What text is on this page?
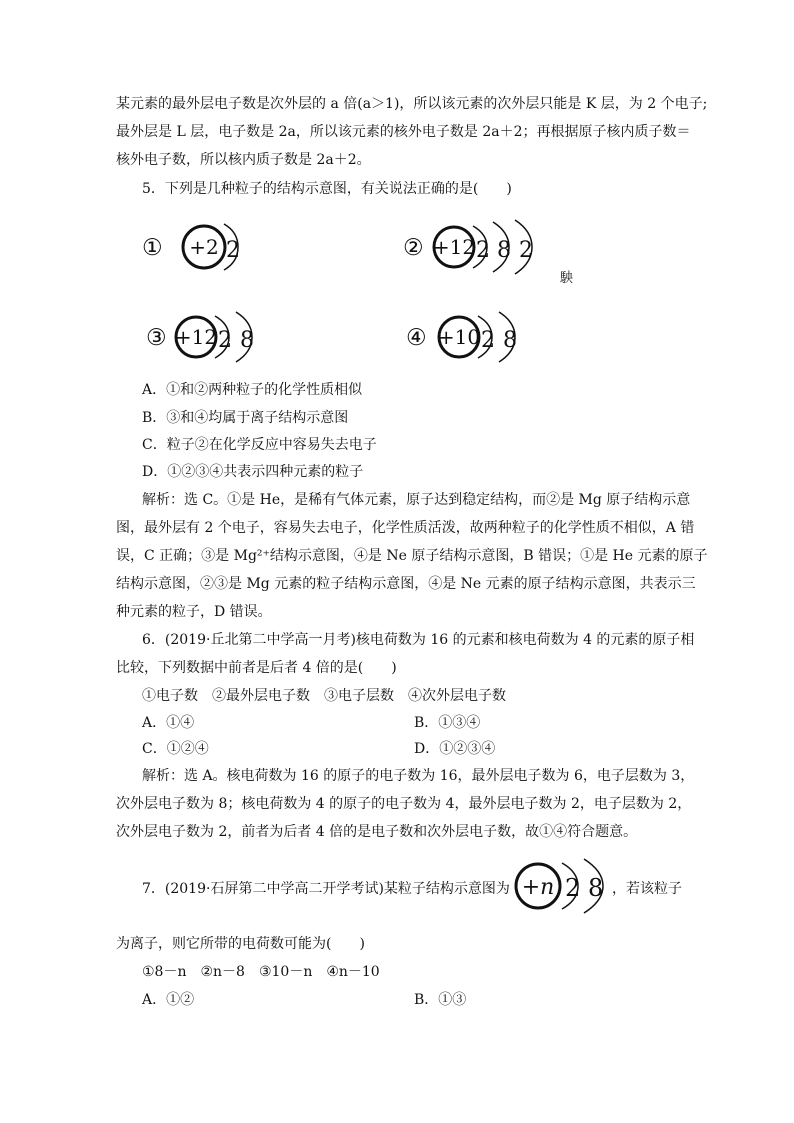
某元素的最外层电子数是次外层的 a 倍(a＞1)，所以该元素的次外层只能是 K 层，为 2 个电子;
最外层是 L 层，电子数是 2a，所以该元素的核外电子数是 2a＋2；再根据原子核内质子数＝
核外电子数，所以核内质子数是 2a＋2。
5．下列是几种粒子的结构示意图，有关说法正确的是(　　)
① +2 2	② +12 2 8 2
駚
③ +12 2 8	④ +10 2 8
A．①和②两种粒子的化学性质相似
B．③和④均属于离子结构示意图
C．粒子②在化学反应中容易失去电子
D．①②③④共表示四种元素的粒子
解析：选 C。①是 He，是稀有气体元素，原子达到稳定结构，而②是 Mg 原子结构示意
图，最外层有 2 个电子，容易失去电子，化学性质活泼，故两种粒子的化学性质不相似，A 错
误，C 正确；③是 Mg²⁺结构示意图，④是 Ne 原子结构示意图，B 错误；①是 He 元素的原子
结构示意图，②③是 Mg 元素的粒子结构示意图，④是 Ne 元素的原子结构示意图，共表示三
种元素的粒子，D 错误。
6．(2019·丘北第二中学高一月考)核电荷数为 16 的元素和核电荷数为 4 的元素的原子相
比较，下列数据中前者是后者 4 倍的是(　　)
①电子数　②最外层电子数　③电子层数　④次外层电子数
A．①④	B．①③④
C．①②④	D．①②③④
解析：选 A。核电荷数为 16 的原子的电子数为 16，最外层电子数为 6，电子层数为 3，
次外层电子数为 8；核电荷数为 4 的原子的电子数为 4，最外层电子数为 2，电子层数为 2，
次外层电子数为 2，前者为后者 4 倍的是电子数和次外层电子数，故①④符合题意。
7．(2019·石屏第二中学高二开学考试)某粒子结构示意图为 +n 2 8 ，若该粒子
为离子，则它所带的电荷数可能为(　　)
①8－n　②n－8　③10－n　④n－10
A．①②	B．①③
